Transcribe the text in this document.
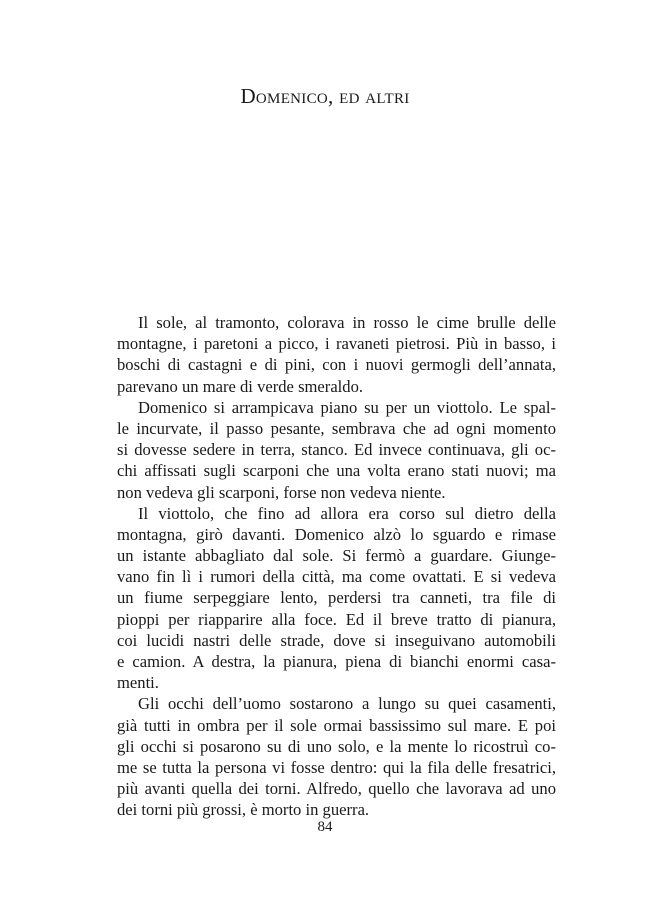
Domenico, ed altri
Il sole, al tramonto, colorava in rosso le cime brulle delle
montagne, i paretoni a picco, i ravaneti pietrosi. Più in basso, i
boschi di castagni e di pini, con i nuovi germogli dell’annata,
parevano un mare di verde smeraldo.
Domenico si arrampicava piano su per un viottolo. Le spal-
le incurvate, il passo pesante, sembrava che ad ogni momento
si dovesse sedere in terra, stanco. Ed invece continuava, gli oc-
chi affissati sugli scarponi che una volta erano stati nuovi; ma
non vedeva gli scarponi, forse non vedeva niente.
Il viottolo, che fino ad allora era corso sul dietro della
montagna, girò davanti. Domenico alzò lo sguardo e rimase
un istante abbagliato dal sole. Si fermò a guardare. Giunge-
vano fin lì i rumori della città, ma come ovattati. E si vedeva
un fiume serpeggiare lento, perdersi tra canneti, tra file di
pioppi per riapparire alla foce. Ed il breve tratto di pianura,
coi lucidi nastri delle strade, dove si inseguivano automobili
e camion. A destra, la pianura, piena di bianchi enormi casa-
menti.
Gli occhi dell’uomo sostarono a lungo su quei casamenti,
già tutti in ombra per il sole ormai bassissimo sul mare. E poi
gli occhi si posarono su di uno solo, e la mente lo ricostruì co-
me se tutta la persona vi fosse dentro: qui la fila delle fresatrici,
più avanti quella dei torni. Alfredo, quello che lavorava ad uno
dei torni più grossi, è morto in guerra.
84
